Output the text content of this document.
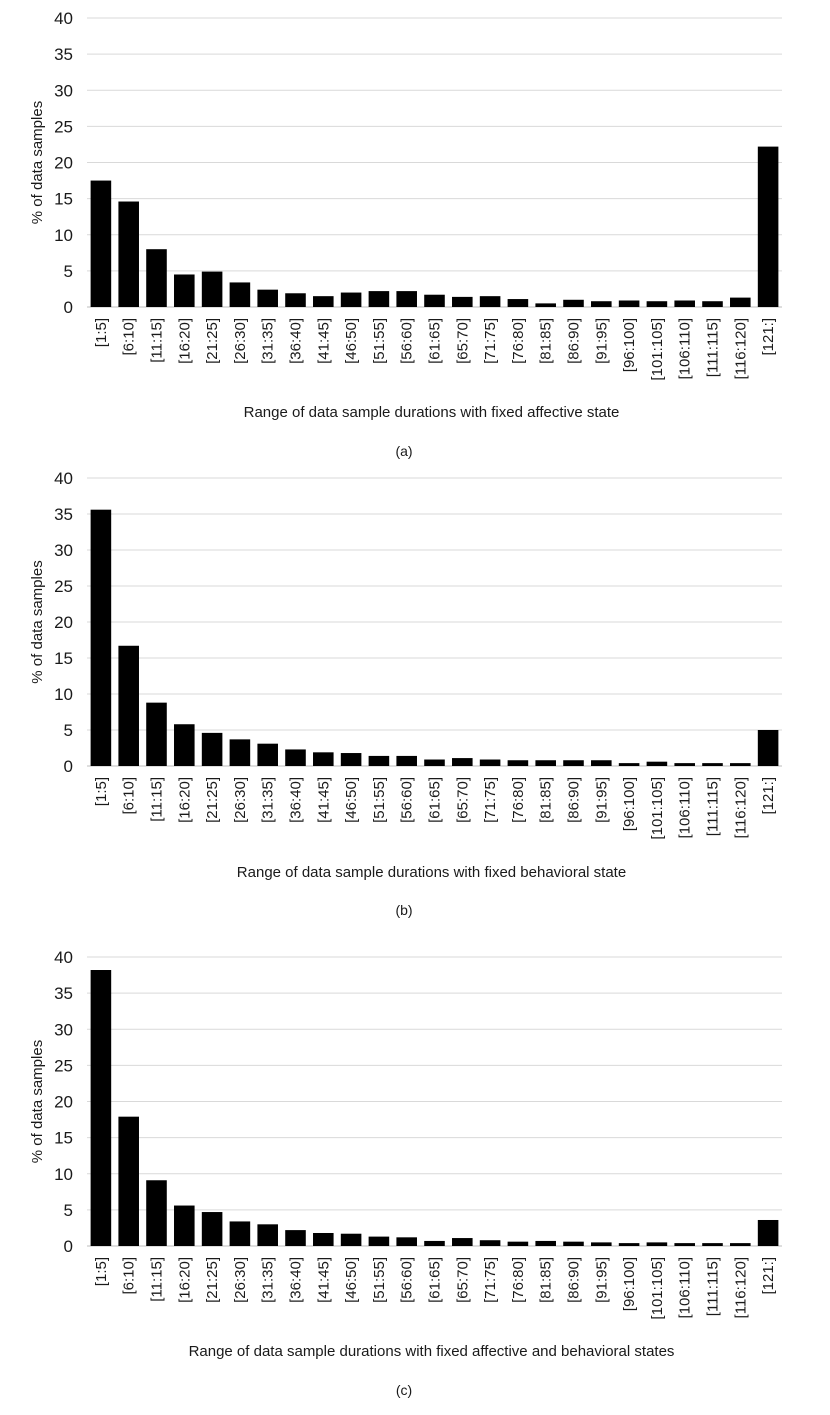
0
5
10
15
20
25
30
35
40
% of data samples
[1:5] [6:10] [11:15] [16:20] [21:25] [26:30] [31:35] [36:40] [41:45] [46:50] [51:55] [56:60] [61:65] [65:70] [71:75] [76:80] [81:85] [86:90] [91:95] [96:100] [101:105] [106:110] [111:115] [116:120] [121:]
Range of data sample durations with fixed affective state
(a)
0
5
10
15
20
25
30
35
40
% of data samples
[1:5] [6:10] [11:15] [16:20] [21:25] [26:30] [31:35] [36:40] [41:45] [46:50] [51:55] [56:60] [61:65] [65:70] [71:75] [76:80] [81:85] [86:90] [91:95] [96:100] [101:105] [106:110] [111:115] [116:120] [121:]
Range of data sample durations with fixed behavioral state
(b)
0
5
10
15
20
25
30
35
40
% of data samples
[1:5] [6:10] [11:15] [16:20] [21:25] [26:30] [31:35] [36:40] [41:45] [46:50] [51:55] [56:60] [61:65] [65:70] [71:75] [76:80] [81:85] [86:90] [91:95] [96:100] [101:105] [106:110] [111:115] [116:120] [121:]
Range of data sample durations with fixed affective and behavioral states
(c)
